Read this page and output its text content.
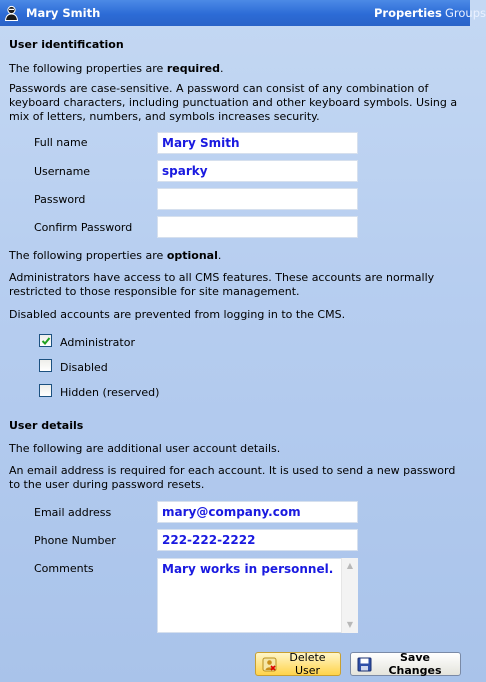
Mary Smith	Properties Groups
User identification
The following properties are required.
Passwords are case-sensitive. A password can consist of any combination of keyboard characters, including punctuation and other keyboard symbols. Using a mix of letters, numbers, and symbols increases security.
Full name
Mary Smith
Username
sparky
Password
Confirm Password
The following properties are optional.
Administrators have access to all CMS features. These accounts are normally restricted to those responsible for site management.
Disabled accounts are prevented from logging in to the CMS.
Administrator
Disabled
Hidden (reserved)
User details
The following are additional user account details.
An email address is required for each account. It is used to send a new password to the user during password resets.
Email address
mary@company.com
Phone Number
222-222-2222
Comments
Mary works in personnel.	▲
▼
Delete User
Save Changes
